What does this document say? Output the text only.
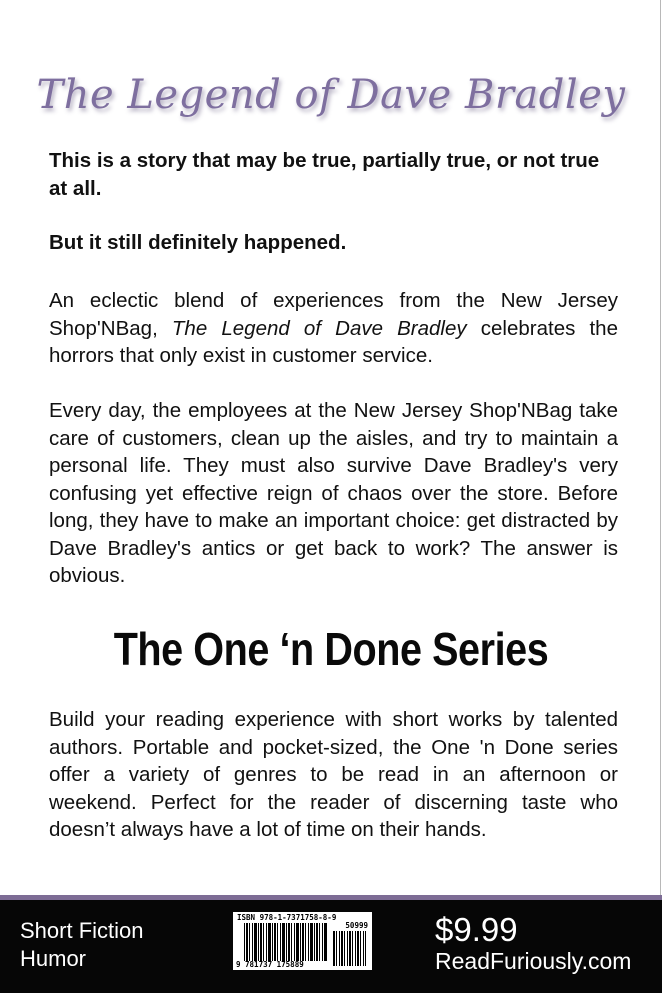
The Legend of Dave Bradley

This is a story that may be true, partially true, or not true at all.

But it still definitely happened.

An eclectic blend of experiences from the New Jersey Shop'NBag, The Legend of Dave Bradley celebrates the horrors that only exist in customer service.

Every day, the employees at the New Jersey Shop'NBag take care of customers, clean up the aisles, and try to maintain a personal life. They must also survive Dave Bradley's very confusing yet effective reign of chaos over the store. Before long, they have to make an important choice: get distracted by Dave Bradley's antics or get back to work? The answer is obvious.

The One ‘n Done Series

Build your reading experience with short works by talented authors. Portable and pocket-sized, the One 'n Done series offer a variety of genres to be read in an afternoon or weekend. Perfect for the reader of discerning taste who doesn’t always have a lot of time on their hands.

Short Fiction
Humor
ISBN 978-1-7371758-8-9
50999
9 781737 175889
$9.99
ReadFuriously.com
